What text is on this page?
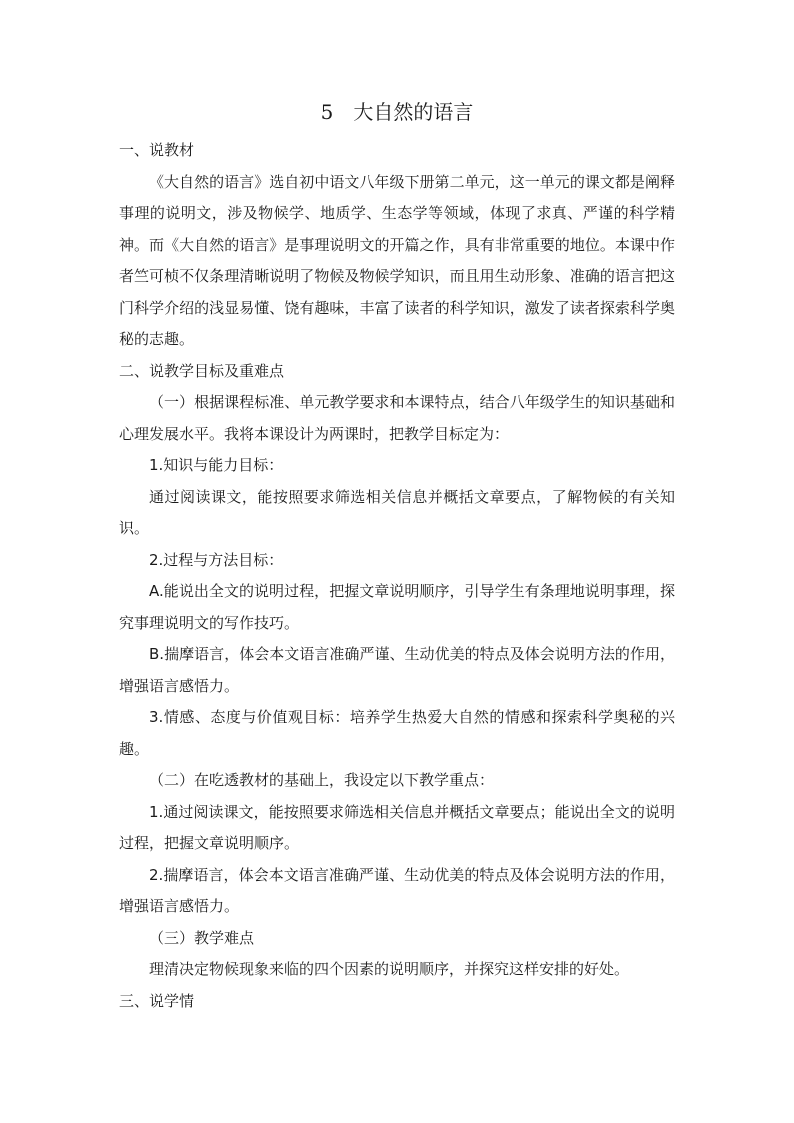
5 大自然的语言

一、说教材

《大自然的语言》选自初中语文八年级下册第二单元，这一单元的课文都是阐释事理的说明文，涉及物候学、地质学、生态学等领域，体现了求真、严谨的科学精神。而《大自然的语言》是事理说明文的开篇之作，具有非常重要的地位。本课中作者竺可桢不仅条理清晰说明了物候及物候学知识，而且用生动形象、准确的语言把这门科学介绍的浅显易懂、饶有趣味，丰富了读者的科学知识，激发了读者探索科学奥秘的志趣。

二、说教学目标及重难点

（一）根据课程标准、单元教学要求和本课特点，结合八年级学生的知识基础和心理发展水平。我将本课设计为两课时，把教学目标定为：

1.知识与能力目标：

通过阅读课文，能按照要求筛选相关信息并概括文章要点，了解物候的有关知识。

2.过程与方法目标：

A.能说出全文的说明过程，把握文章说明顺序，引导学生有条理地说明事理，探究事理说明文的写作技巧。

B.揣摩语言，体会本文语言准确严谨、生动优美的特点及体会说明方法的作用，增强语言感悟力。

3.情感、态度与价值观目标：培养学生热爱大自然的情感和探索科学奥秘的兴趣。

（二）在吃透教材的基础上，我设定以下教学重点：

1.通过阅读课文，能按照要求筛选相关信息并概括文章要点；能说出全文的说明过程，把握文章说明顺序。

2.揣摩语言，体会本文语言准确严谨、生动优美的特点及体会说明方法的作用，增强语言感悟力。

（三）教学难点

理清决定物候现象来临的四个因素的说明顺序，并探究这样安排的好处。

三、说学情
